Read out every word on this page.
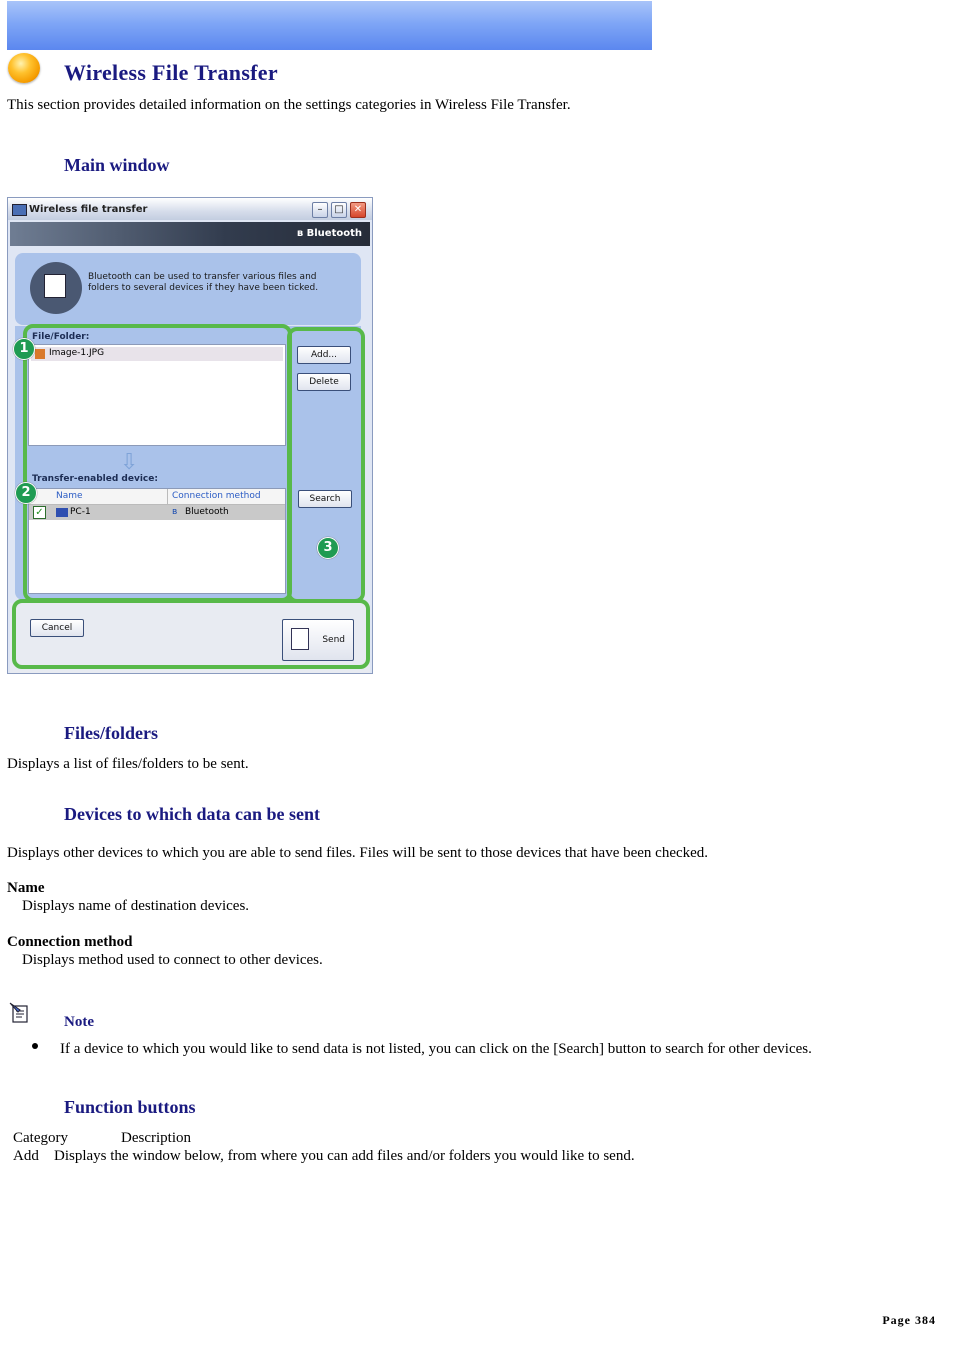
Wireless File Transfer
This section provides detailed information on the settings categories in Wireless File Transfer.
Main window
Wireless file transfer	–	□	✕
ʙ Bluetooth
Bluetooth can be used to transfer various files and folders to several devices if they have been ticked.
File/Folder:
Image-1.JPG	Add...
Delete
⇩
Transfer-enabled device:
Name	Connection method
✓	PC-1	ʙ Bluetooth
Search
Cancel
Send
1
2
3
Files/folders
Displays a list of files/folders to be sent.
Devices to which data can be sent
Displays other devices to which you are able to send files. Files will be sent to those devices that have been checked.
Name
Displays name of destination devices.
Connection method
Displays method used to connect to other devices.
Note
If a device to which you would like to send data is not listed, you can click on the [Search] button to search for other devices.
Function buttons
Category	Description
Add Displays the window below, from where you can add files and/or folders you would like to send.
Page 384
